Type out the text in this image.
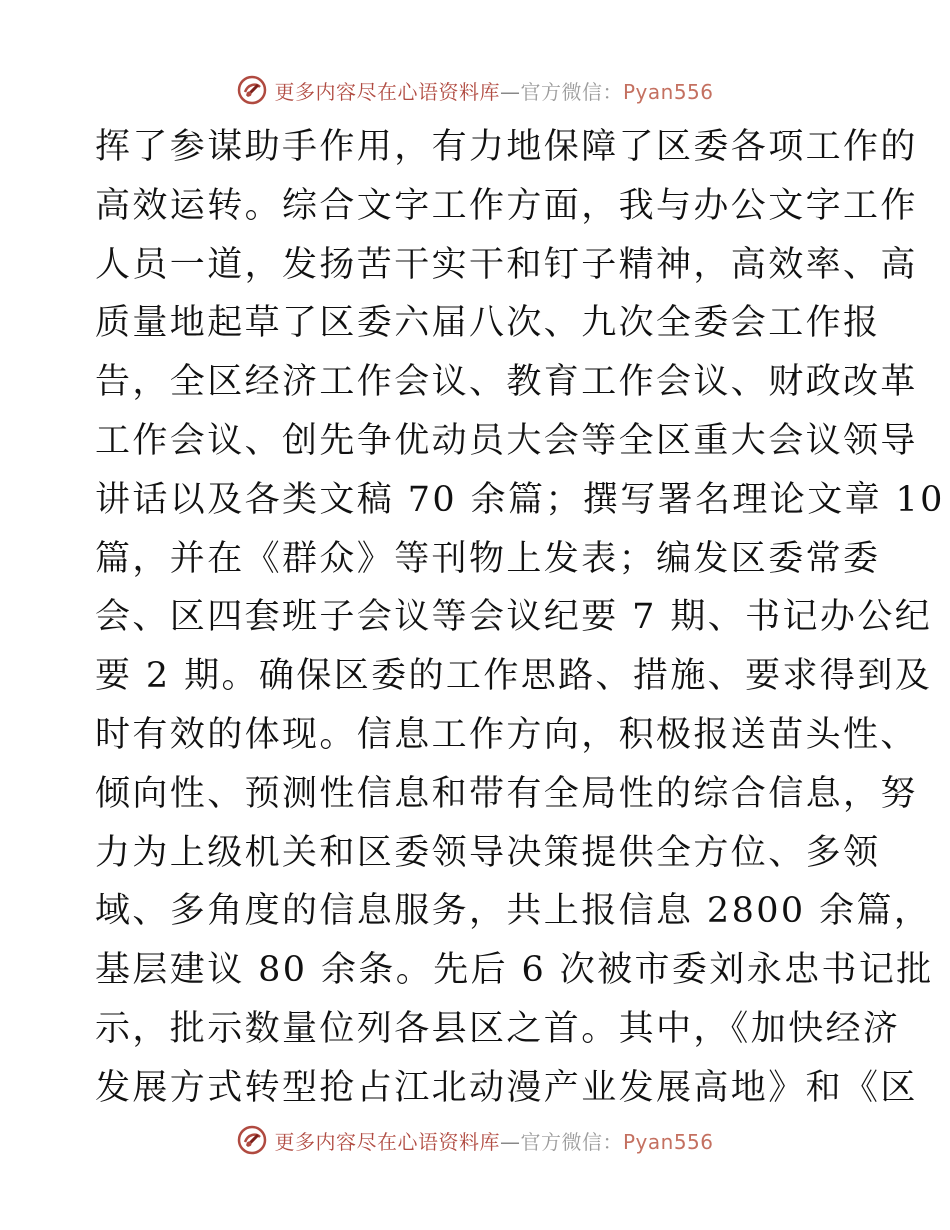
更多内容尽在心语资料库—官方微信：Pyan556
挥了参谋助手作用，有力地保障了区委各项工作的
高效运转。综合文字工作方面，我与办公文字工作
人员一道，发扬苦干实干和钉子精神，高效率、高
质量地起草了区委六届八次、九次全委会工作报
告，全区经济工作会议、教育工作会议、财政改革
工作会议、创先争优动员大会等全区重大会议领导
讲话以及各类文稿 70 余篇；撰写署名理论文章 10
篇，并在《群众》等刊物上发表；编发区委常委
会、区四套班子会议等会议纪要 7 期、书记办公纪
要 2 期。确保区委的工作思路、措施、要求得到及
时有效的体现。信息工作方向，积极报送苗头性、
倾向性、预测性信息和带有全局性的综合信息，努
力为上级机关和区委领导决策提供全方位、多领
域、多角度的信息服务，共上报信息 2800 余篇，
基层建议 80 余条。先后 6 次被市委刘永忠书记批
示，批示数量位列各县区之首。其中，《加快经济
发展方式转型抢占江北动漫产业发展高地》和《区
更多内容尽在心语资料库—官方微信：Pyan556
